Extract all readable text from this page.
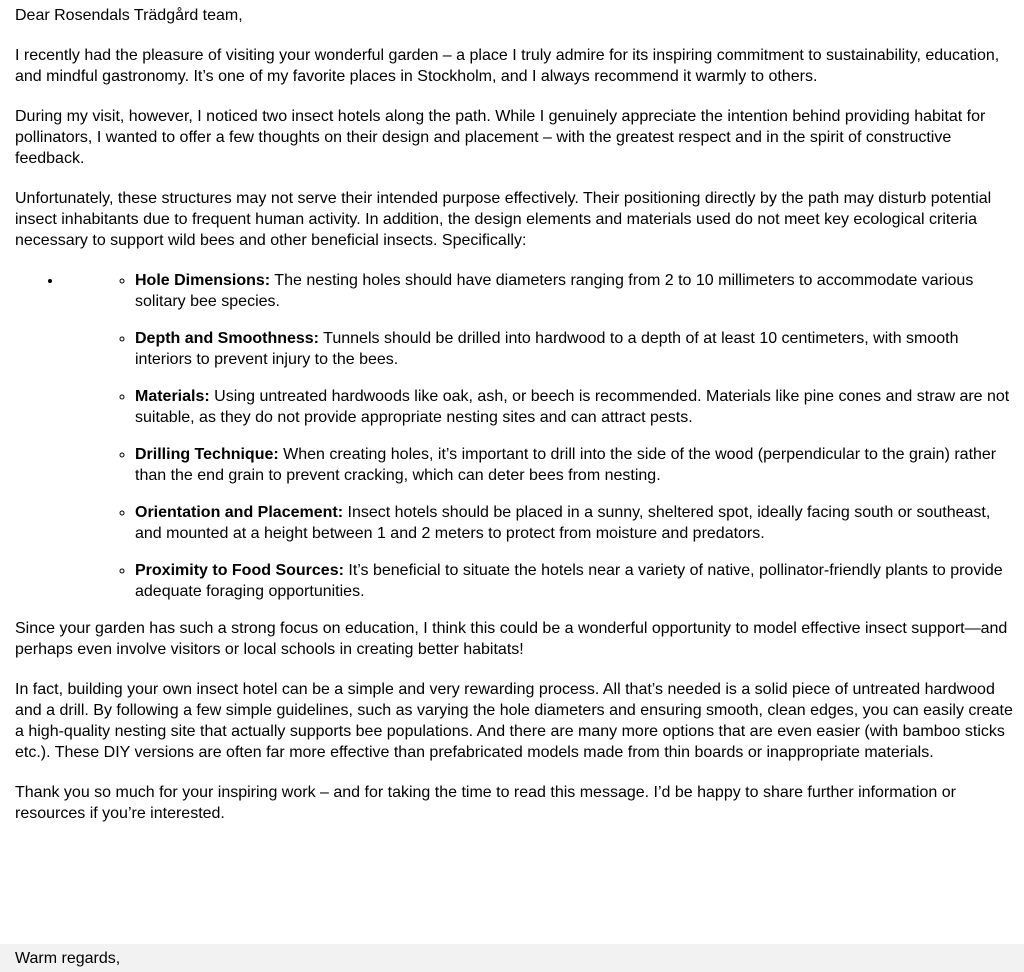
Dear Rosendals Trädgård team,

I recently had the pleasure of visiting your wonderful garden – a place I truly admire for its inspiring commitment to sustainability, education, and mindful gastronomy. It’s one of my favorite places in Stockholm, and I always recommend it warmly to others.

During my visit, however, I noticed two insect hotels along the path. While I genuinely appreciate the intention behind providing habitat for pollinators, I wanted to offer a few thoughts on their design and placement – with the greatest respect and in the spirit of constructive feedback.

Unfortunately, these structures may not serve their intended purpose effectively. Their positioning directly by the path may disturb potential insect inhabitants due to frequent human activity. In addition, the design elements and materials used do not meet key ecological criteria necessary to support wild bees and other beneficial insects. Specifically:

◦ • Hole Dimensions: The nesting holes should have diameters ranging from 2 to 10 millimeters to accommodate various solitary bee species.
◦ Depth and Smoothness: Tunnels should be drilled into hardwood to a depth of at least 10 centimeters, with smooth interiors to prevent injury to the bees.
◦ Materials: Using untreated hardwoods like oak, ash, or beech is recommended. Materials like pine cones and straw are not suitable, as they do not provide appropriate nesting sites and can attract pests.
◦ Drilling Technique: When creating holes, it’s important to drill into the side of the wood (perpendicular to the grain) rather than the end grain to prevent cracking, which can deter bees from nesting.
◦ Orientation and Placement: Insect hotels should be placed in a sunny, sheltered spot, ideally facing south or southeast, and mounted at a height between 1 and 2 meters to protect from moisture and predators.
◦ Proximity to Food Sources: It’s beneficial to situate the hotels near a variety of native, pollinator-friendly plants to provide adequate foraging opportunities.

Since your garden has such a strong focus on education, I think this could be a wonderful opportunity to model effective insect support—and perhaps even involve visitors or local schools in creating better habitats!

In fact, building your own insect hotel can be a simple and very rewarding process. All that’s needed is a solid piece of untreated hardwood and a drill. By following a few simple guidelines, such as varying the hole diameters and ensuring smooth, clean edges, you can easily create a high-quality nesting site that actually supports bee populations. And there are many more options that are even easier (with bamboo sticks etc.). These DIY versions are often far more effective than prefabricated models made from thin boards or inappropriate materials.

Thank you so much for your inspiring work – and for taking the time to read this message. I’d be happy to share further information or resources if you’re interested.

Warm regards,
